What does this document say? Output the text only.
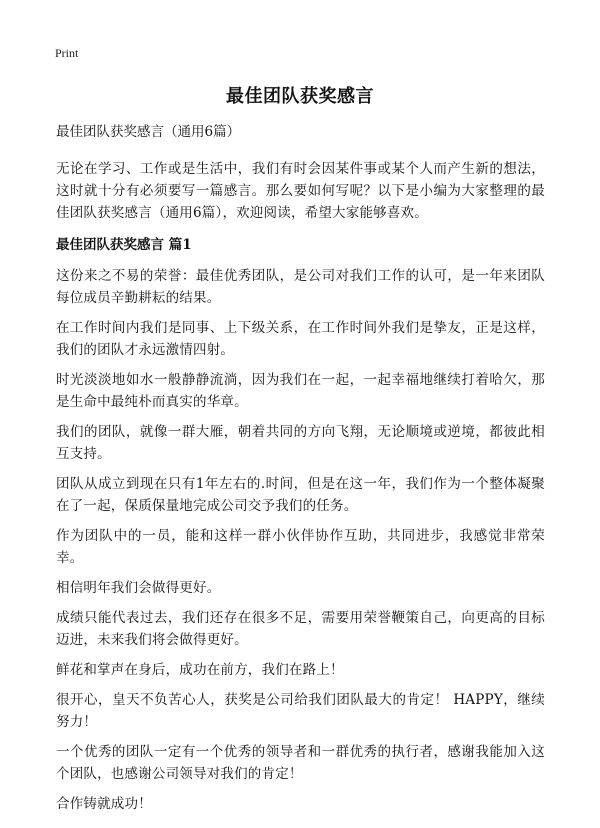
Print
最佳团队获奖感言
最佳团队获奖感言（通用6篇）

无论在学习、工作或是生活中，我们有时会因某件事或某个人而产生新的想法，这时就十分有必须要写一篇感言。那么要如何写呢？以下是小编为大家整理的最佳团队获奖感言（通用6篇），欢迎阅读，希望大家能够喜欢。

最佳团队获奖感言 篇1

这份来之不易的荣誉：最佳优秀团队，是公司对我们工作的认可，是一年来团队每位成员辛勤耕耘的结果。

在工作时间内我们是同事、上下级关系，在工作时间外我们是挚友，正是这样，我们的团队才永远激情四射。

时光淡淡地如水一般静静流淌，因为我们在一起，一起幸福地继续打着哈欠，那是生命中最纯朴而真实的华章。

我们的团队，就像一群大雁，朝着共同的方向飞翔，无论顺境或逆境，都彼此相互支持。

团队从成立到现在只有1年左右的.时间，但是在这一年，我们作为一个整体凝聚在了一起，保质保量地完成公司交予我们的任务。

作为团队中的一员，能和这样一群小伙伴协作互助，共同进步，我感觉非常荣幸。

相信明年我们会做得更好。

成绩只能代表过去，我们还存在很多不足，需要用荣誉鞭策自己，向更高的目标迈进，未来我们将会做得更好。

鲜花和掌声在身后，成功在前方，我们在路上！

很开心，皇天不负苦心人，获奖是公司给我们团队最大的肯定！ HAPPY，继续努力！

一个优秀的团队一定有一个优秀的领导者和一群优秀的执行者，感谢我能加入这个团队，也感谢公司领导对我们的肯定！

合作铸就成功！
